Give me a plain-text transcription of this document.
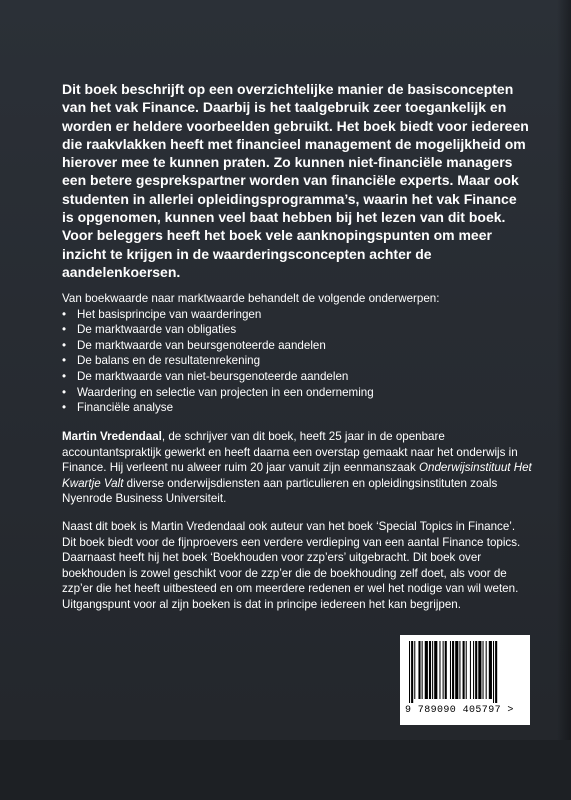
Dit boek beschrijft op een overzichtelijke manier de basisconcepten van het vak Finance. Daarbij is het taalgebruik zeer toegankelijk en worden er heldere voorbeelden gebruikt. Het boek biedt voor iedereen die raakvlakken heeft met financieel management de mogelijkheid om hierover mee te kunnen praten. Zo kunnen niet-financiële managers een betere gesprekspartner worden van financiële experts. Maar ook studenten in allerlei opleidingsprogramma’s, waarin het vak Finance is opgenomen, kunnen veel baat hebben bij het lezen van dit boek. Voor beleggers heeft het boek vele aanknopingspunten om meer inzicht te krijgen in de waarderingsconcepten achter de aandelenkoersen.

Van boekwaarde naar marktwaarde behandelt de volgende onderwerpen:

• Het basisprincipe van waarderingen
• De marktwaarde van obligaties
• De marktwaarde van beursgenoteerde aandelen
• De balans en de resultatenrekening
• De marktwaarde van niet-beursgenoteerde aandelen
• Waardering en selectie van projecten in een onderneming
• Financiële analyse

Martin Vredendaal, de schrijver van dit boek, heeft 25 jaar in de openbare accountantspraktijk gewerkt en heeft daarna een overstap gemaakt naar het onderwijs in Finance. Hij verleent nu alweer ruim 20 jaar vanuit zijn eenmanszaak Onderwijsinstituut Het Kwartje Valt diverse onderwijsdiensten aan particulieren en opleidingsinstituten zoals Nyenrode Business Universiteit.

Naast dit boek is Martin Vredendaal ook auteur van het boek ‘Special Topics in Finance’. Dit boek biedt voor de fijnproevers een verdere verdieping van een aantal Finance topics. Daarnaast heeft hij het boek ‘Boekhouden voor zzp’ers’ uitgebracht. Dit boek over boekhouden is zowel geschikt voor de zzp’er die de boekhouding zelf doet, als voor de zzp’er die het heeft uitbesteed en om meerdere redenen er wel het nodige van wil weten. Uitgangspunt voor al zijn boeken is dat in principe iedereen het kan begrijpen.

9 789090 405797 >
